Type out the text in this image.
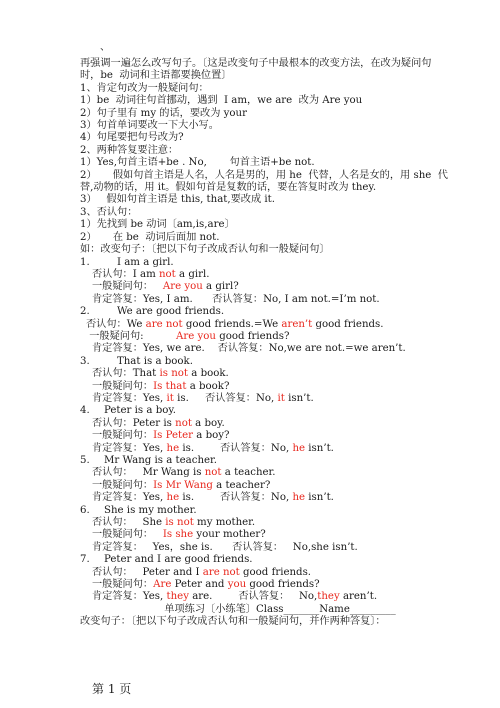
、
再强调一遍怎么改写句子。〔这是改变句子中最根本的改变方法，在改为疑问句
时，be  动词和主语都要换位置〕
1、肯定句改为一般疑问句：
1）be  动词往句首挪动，遇到  I am，we are  改为 Are you
2）句子里有 my 的话，要改为 your
3）句首单词要改一下大小写。
4）句尾要把句号改为?
2、两种答复要注意：
1）Yes,句首主语+be . No,       句首主语+be not.
2）     假如句首主语是人名，人名是男的，用 he  代替，人名是女的，用 she  代
替,动物的话，用 it。假如句首是复数的话，要在答复时改为 they.
3）   假如句首主语是 this, that,要改成 it.
3、否认句：
1）先找到 be 动词〔am,is,are〕
2）     在 be  动词后面加 not.
如：改变句子：〔把以下句子改成否认句和一般疑问句〕
1.    I am a girl.
否认句：I am not a girl.
一般疑问句：   Are you a girl?
肯定答复：Yes, I am.      否认答复：No, I am not.=I’m not.
2.    We are good friends.
否认句：We are not good friends.=We aren’t good friends.
一般疑问句:          Are you good friends?
肯定答复：Yes, we are.    否认答复：No,we are not.=we aren’t.
3.    That is a book.
否认句：That is not a book.
一般疑问句：Is that a book?
肯定答复：Yes, it is.     否认答复：No, it isn’t.
4. Peter is a boy.
否认句：Peter is not a boy.
一般疑问句：Is Peter a boy?
肯定答复：Yes, he is.        否认答复：No, he isn’t.
5. Mr Wang is a teacher.
否认句：   Mr Wang is not a teacher.
一般疑问句：Is Mr Wang a teacher?
肯定答复：Yes, he is.        否认答复：No, he isn’t.
6. She is my mother.
否认句：   She is not my mother.
一般疑问句：   Is she your mother?
肯定答复：   Yes，she is.      否认答复：   No,she isn’t.
7. Peter and I are good friends.
否认句：   Peter and I are not good friends.
一般疑问句：Are Peter and you good friends?
肯定答复：Yes, they are.        否认答复：   No,they aren’t.
单项练习〔小练笔〕Class_______Name_________
改变句子：〔把以下句子改成否认句和一般疑问句，并作两种答复〕：
第 1 页
